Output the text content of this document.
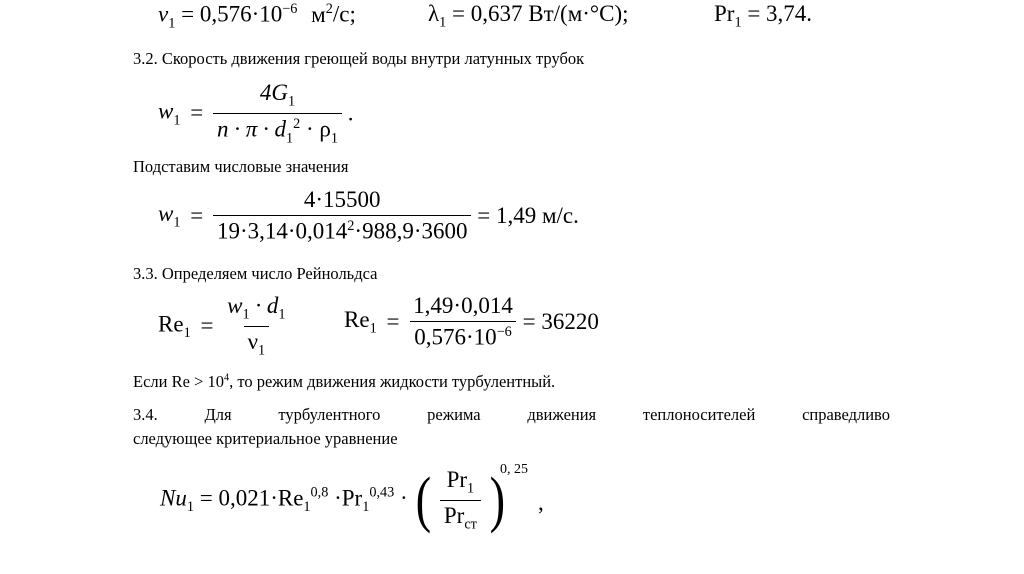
$\nu_1 = 0,576\cdot 10^{-6}$ $м^2/с$;	$\lambda_1 = 0,637$ Вт/(м·°С);	$Pr_1 = 3,74$.
3.2. Скорость движения греющей воды внутри латунных трубок
$w_1 = \frac{4G_1}{n \cdot \pi \cdot d_1^2 \cdot \rho_1}$ .
Подставим числовые значения
$w_1 = \frac{4\cdot 15500}{19\cdot 3,14\cdot 0,014^2\cdot 988,9\cdot 3600} = 1,49$ м/с.
3.3. Определяем число Рейнольдса
$Re_1 = \frac{w_1 \cdot d_1}{\nu_1} Re_1 = \frac{1,49\cdot 0,014}{0,576\cdot 10^{-6}} = 36220$
Если $Re > 10^4$, то режим движения жидкости турбулентный.
3.4. Для турбулентного режима движения теплоносителей справедливо
следующее критериальное уравнение
$Nu_1 = 0,021\cdot Re_1^{0,8} \cdot Pr_1^{0,43}$ · ( $\frac{Pr_1}{Pr_{ст}}$ )
0, 25
,
